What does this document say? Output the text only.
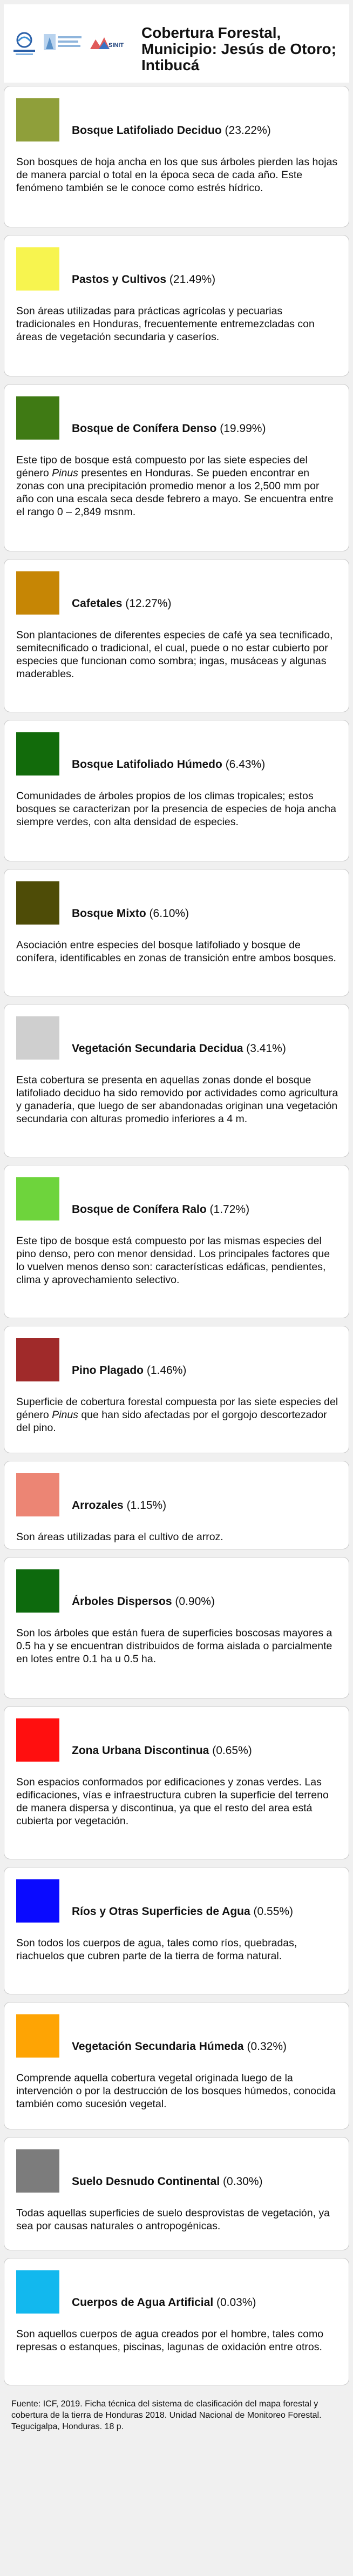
SINIT
Cobertura Forestal,
Municipio: Jesús de Otoro;
Intibucá
Bosque Latifoliado Deciduo (23.22%)
Son bosques de hoja ancha en los que sus árboles pierden las hojas de manera parcial o total en la época seca de cada año. Este fenómeno también se le conoce como estrés hídrico.
Pastos y Cultivos (21.49%)
Son áreas utilizadas para prácticas agrícolas y pecuarias tradicionales en Honduras, frecuentemente entremezcladas con áreas de vegetación secundaria y caseríos.
Bosque de Conífera Denso (19.99%)
Este tipo de bosque está compuesto por las siete especies del género Pinus presentes en Honduras. Se pueden encontrar en zonas con una precipitación promedio menor a los 2,500 mm por año con una escala seca desde febrero a mayo. Se encuentra entre el rango 0 – 2,849 msnm.
Cafetales (12.27%)
Son plantaciones de diferentes especies de café ya sea tecnificado, semitecnificado o tradicional, el cual, puede o no estar cubierto por especies que funcionan como sombra; ingas, musáceas y algunas maderables.
Bosque Latifoliado Húmedo (6.43%)
Comunidades de árboles propios de los climas tropicales; estos bosques se caracterizan por la presencia de especies de hoja ancha siempre verdes, con alta densidad de especies.
Bosque Mixto (6.10%)
Asociación entre especies del bosque latifoliado y bosque de conífera, identificables en zonas de transición entre ambos bosques.
Vegetación Secundaria Decidua (3.41%)
Esta cobertura se presenta en aquellas zonas donde el bosque latifoliado deciduo ha sido removido por actividades como agricultura y ganadería, que luego de ser abandonadas originan una vegetación secundaria con alturas promedio inferiores a 4 m.
Bosque de Conífera Ralo (1.72%)
Este tipo de bosque está compuesto por las mismas especies del pino denso, pero con menor densidad. Los principales factores que lo vuelven menos denso son: características edáficas, pendientes, clima y aprovechamiento selectivo.
Pino Plagado (1.46%)
Superficie de cobertura forestal compuesta por las siete especies del género Pinus que han sido afectadas por el gorgojo descortezador del pino.
Arrozales (1.15%)
Son áreas utilizadas para el cultivo de arroz.
Árboles Dispersos (0.90%)
Son los árboles que están fuera de superficies boscosas mayores a 0.5 ha y se encuentran distribuidos de forma aislada o parcialmente en lotes entre 0.1 ha u 0.5 ha.
Zona Urbana Discontinua (0.65%)
Son espacios conformados por edificaciones y zonas verdes. Las edificaciones, vías e infraestructura cubren la superficie del terreno de manera dispersa y discontinua, ya que el resto del area está cubierta por vegetación.
Ríos y Otras Superficies de Agua (0.55%)
Son todos los cuerpos de agua, tales como ríos, quebradas, riachuelos que cubren parte de la tierra de forma natural.
Vegetación Secundaria Húmeda (0.32%)
Comprende aquella cobertura vegetal originada luego de la intervención o por la destrucción de los bosques húmedos, conocida también como sucesión vegetal.
Suelo Desnudo Continental (0.30%)
Todas aquellas superficies de suelo desprovistas de vegetación, ya sea por causas naturales o antropogénicas.
Cuerpos de Agua Artificial (0.03%)
Son aquellos cuerpos de agua creados por el hombre, tales como represas o estanques, piscinas, lagunas de oxidación entre otros.
Fuente: ICF, 2019. Ficha técnica del sistema de clasificación del mapa forestal y cobertura de la tierra de Honduras 2018. Unidad Nacional de Monitoreo Forestal. Tegucigalpa, Honduras. 18 p.
